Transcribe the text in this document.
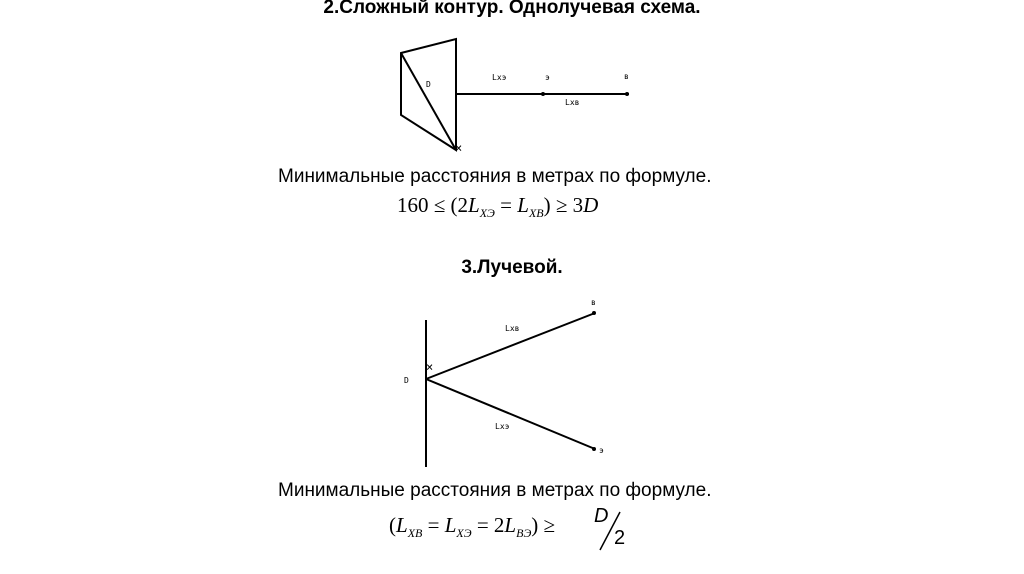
2.Сложный контур. Однолучевая схема.
D
Lхэ	э	в
Lхв
×
Минимальные расстояния в метрах по формуле.
$160 \le (2L_{ХЭ} = L_{ХВ}) \ge 3D$
3.Лучевой.
D
×
Lхв
в
Lхэ
э
Минимальные расстояния в метрах по формуле.
$(L_{ХВ} = L_{ХЭ} = 2L_{ВЭ}) \ge D$
2
